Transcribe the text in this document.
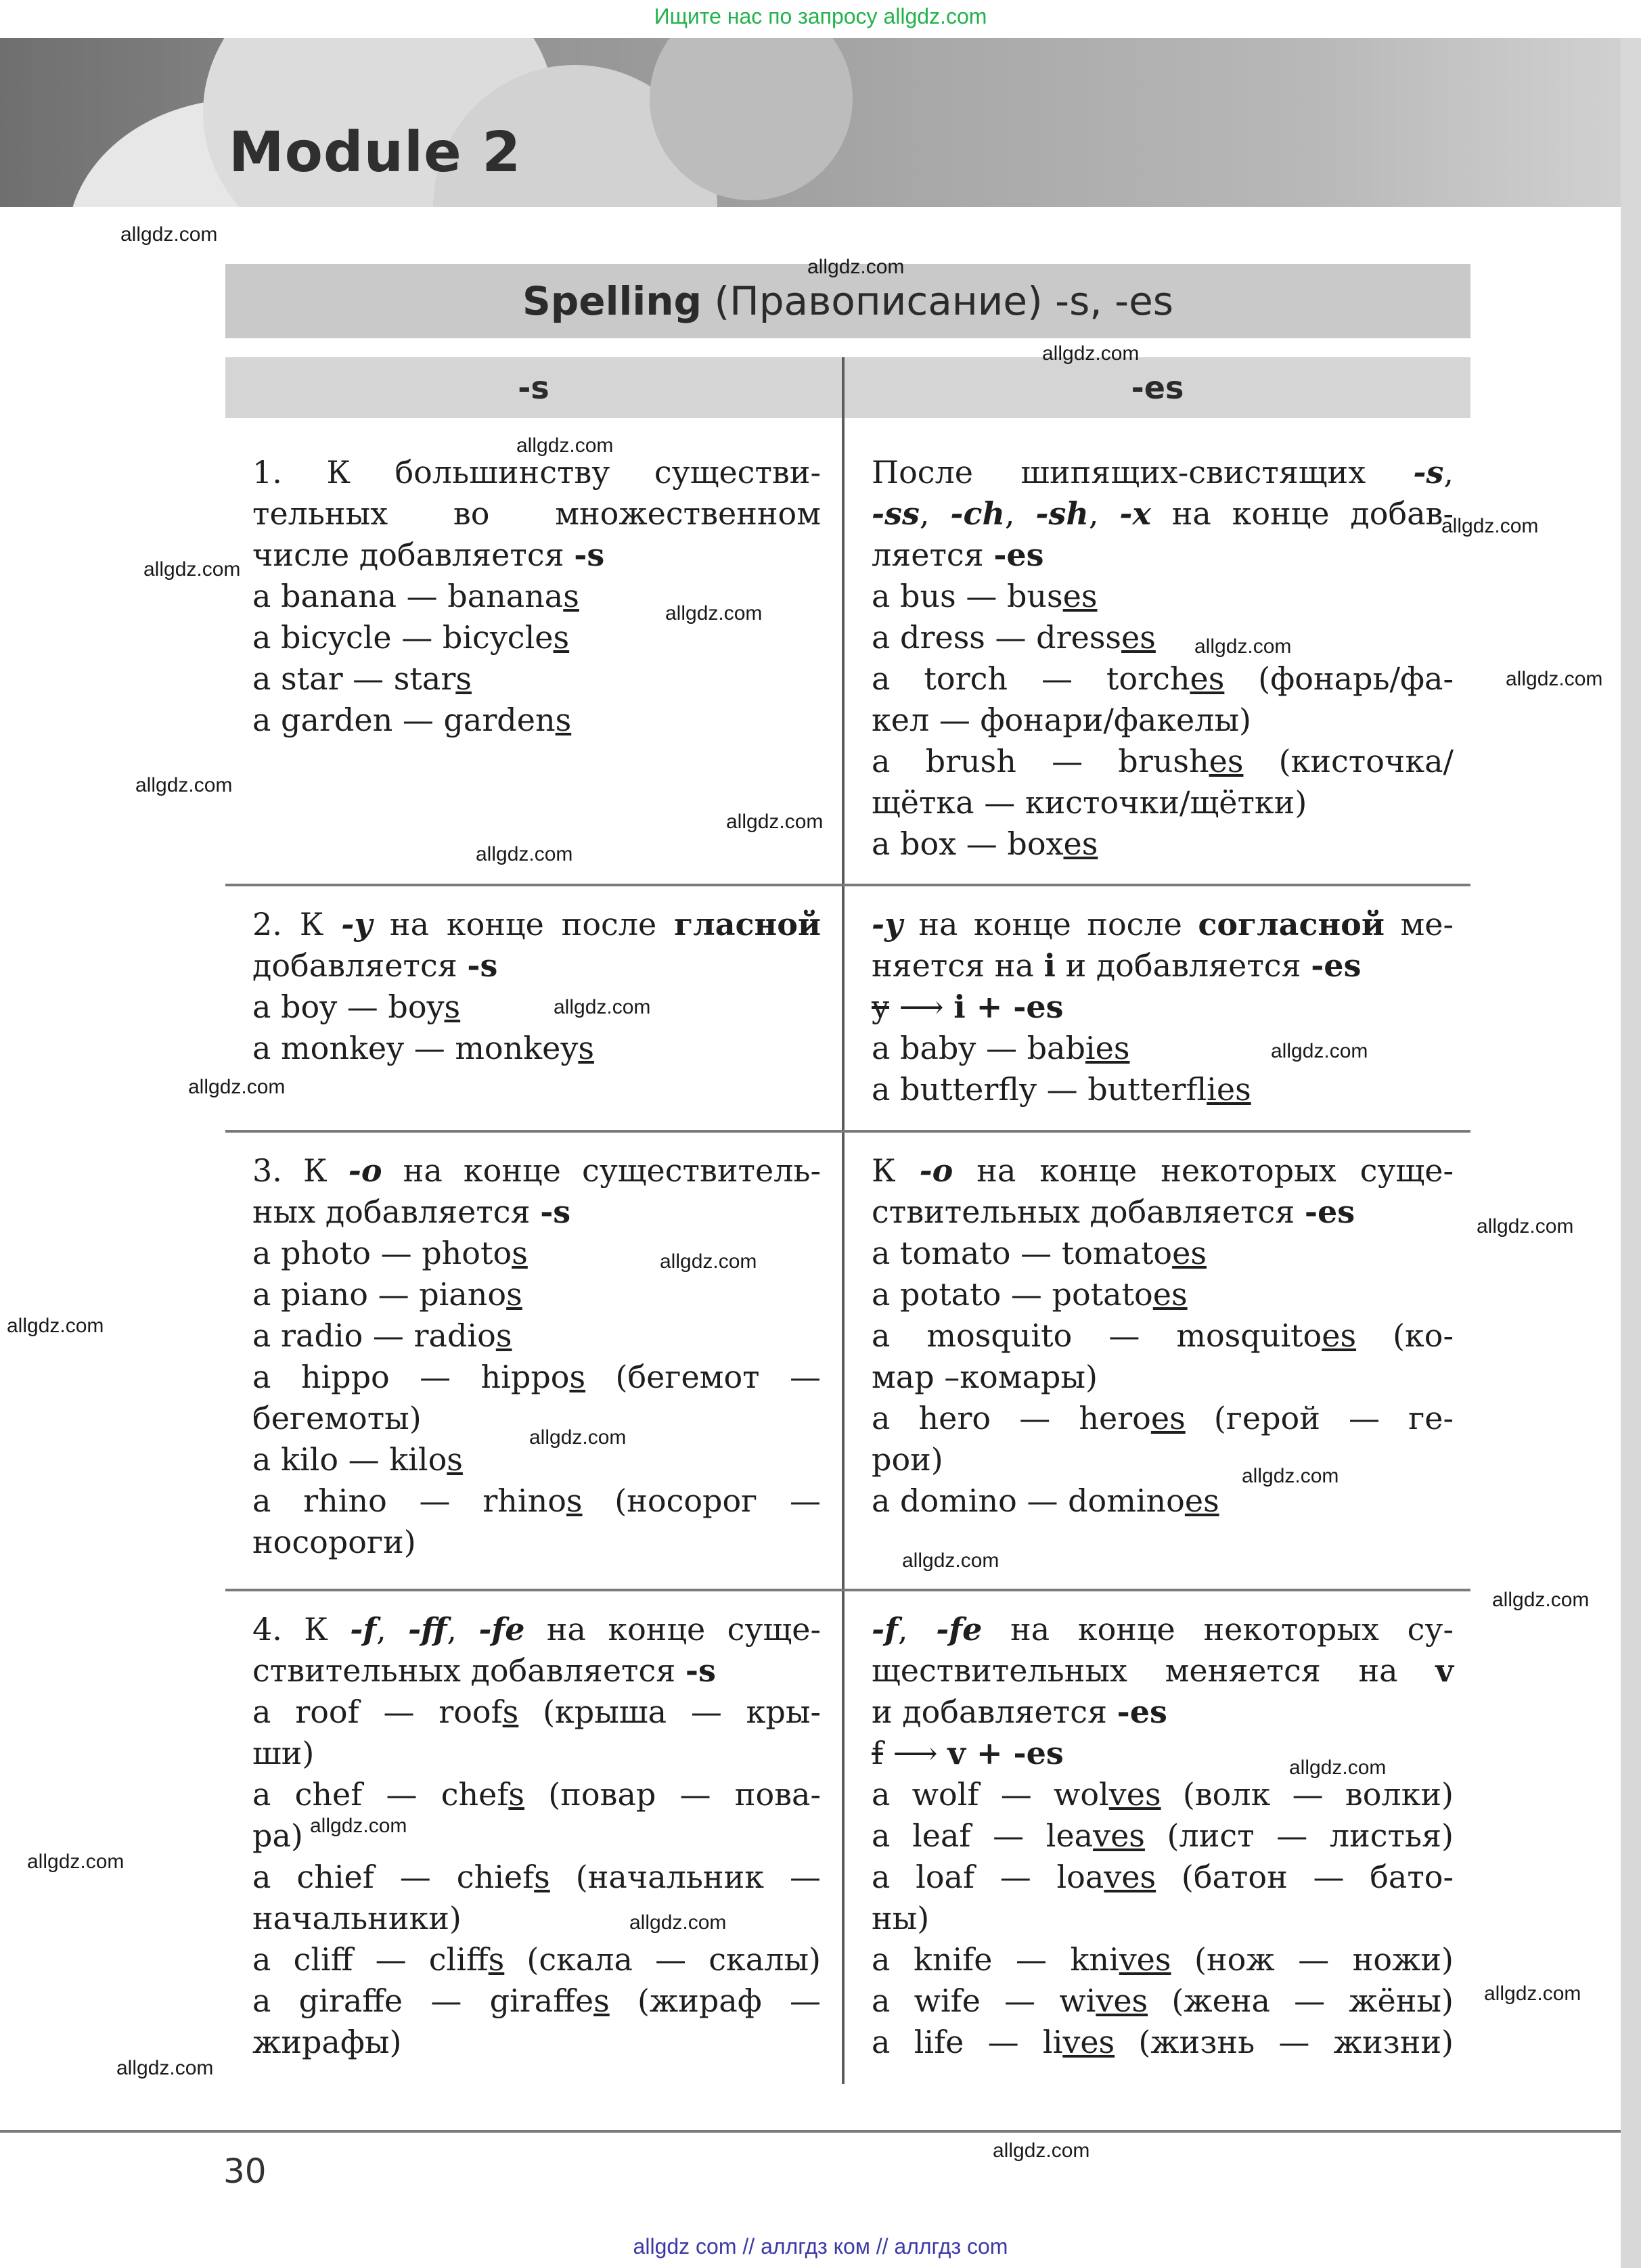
Ищите нас по запросу allgdz.com
Module 2
Spelling (Правописание) -s, -es
-s	-es
1. К большинству существи-
тельных во множественном
числе добавляется -s
a banana — bananas
a bicycle — bicycles
a star — stars
a garden — gardens
После шипящих-свистящих -s,
-ss, -ch, -sh, -x на конце добав-
ляется -es
a bus — buses
a dress — dresses
a torch — torches (фонарь/фа-
кел — фонари/факелы)
a brush — brushes (кисточка/
щётка — кисточки/щётки)
a box — boxes
2. К -y на конце после гласной
добавляется -s
a boy — boys
a monkey — monkeys
-y на конце после согласной ме-
няется на i и добавляется -es
y ⟶ i + -es
a baby — babies
a butterfly — butterflies
3. К -o на конце существитель-
ных добавляется -s
a photo — photos
a piano — pianos
a radio — radios
a hippo — hippos (бегемот —
бегемоты)
a kilo — kilos
a rhino — rhinos (носорог —
носороги)
К -o на конце некоторых суще-
ствительных добавляется -es
a tomato — tomatoes
a potato — potatoes
a mosquito — mosquitoes (ко-
мар –комары)
a hero — heroes (герой — ге-
рои)
a domino — dominoes
4. К -f, -ff, -fe на конце суще-
ствительных добавляется -s
a roof — roofs (крыша — кры-
ши)
a chef — chefs (повар — пова-
ра)
a chief — chiefs (начальник —
начальники)
a cliff — cliffs (скала — скалы)
a giraffe — giraffes (жираф —
жирафы)
-f, -fe на конце некоторых су-
ществительных меняется на v
и добавляется -es
f ⟶ v + -es
a wolf — wolves (волк — волки)
a leaf — leaves (лист — листья)
a loaf — loaves (батон — бато-
ны)
a knife — knives (нож — ножи)
a wife — wives (жена — жёны)
a life — lives (жизнь — жизни)
30
allgdz.com
allgdz.com
allgdz.com
allgdz.com
allgdz.com
allgdz.com
allgdz.com
allgdz.com
allgdz.com
allgdz.com
allgdz.com
allgdz.com
allgdz.com
allgdz.com
allgdz.com
allgdz.com
allgdz.com
allgdz.com
allgdz.com
allgdz.com
allgdz.com
allgdz.com
allgdz.com
allgdz.com
allgdz.com
allgdz.com
allgdz.com
allgdz.com
allgdz.com
allgdz com // аллгдз ком // аллгдз com
